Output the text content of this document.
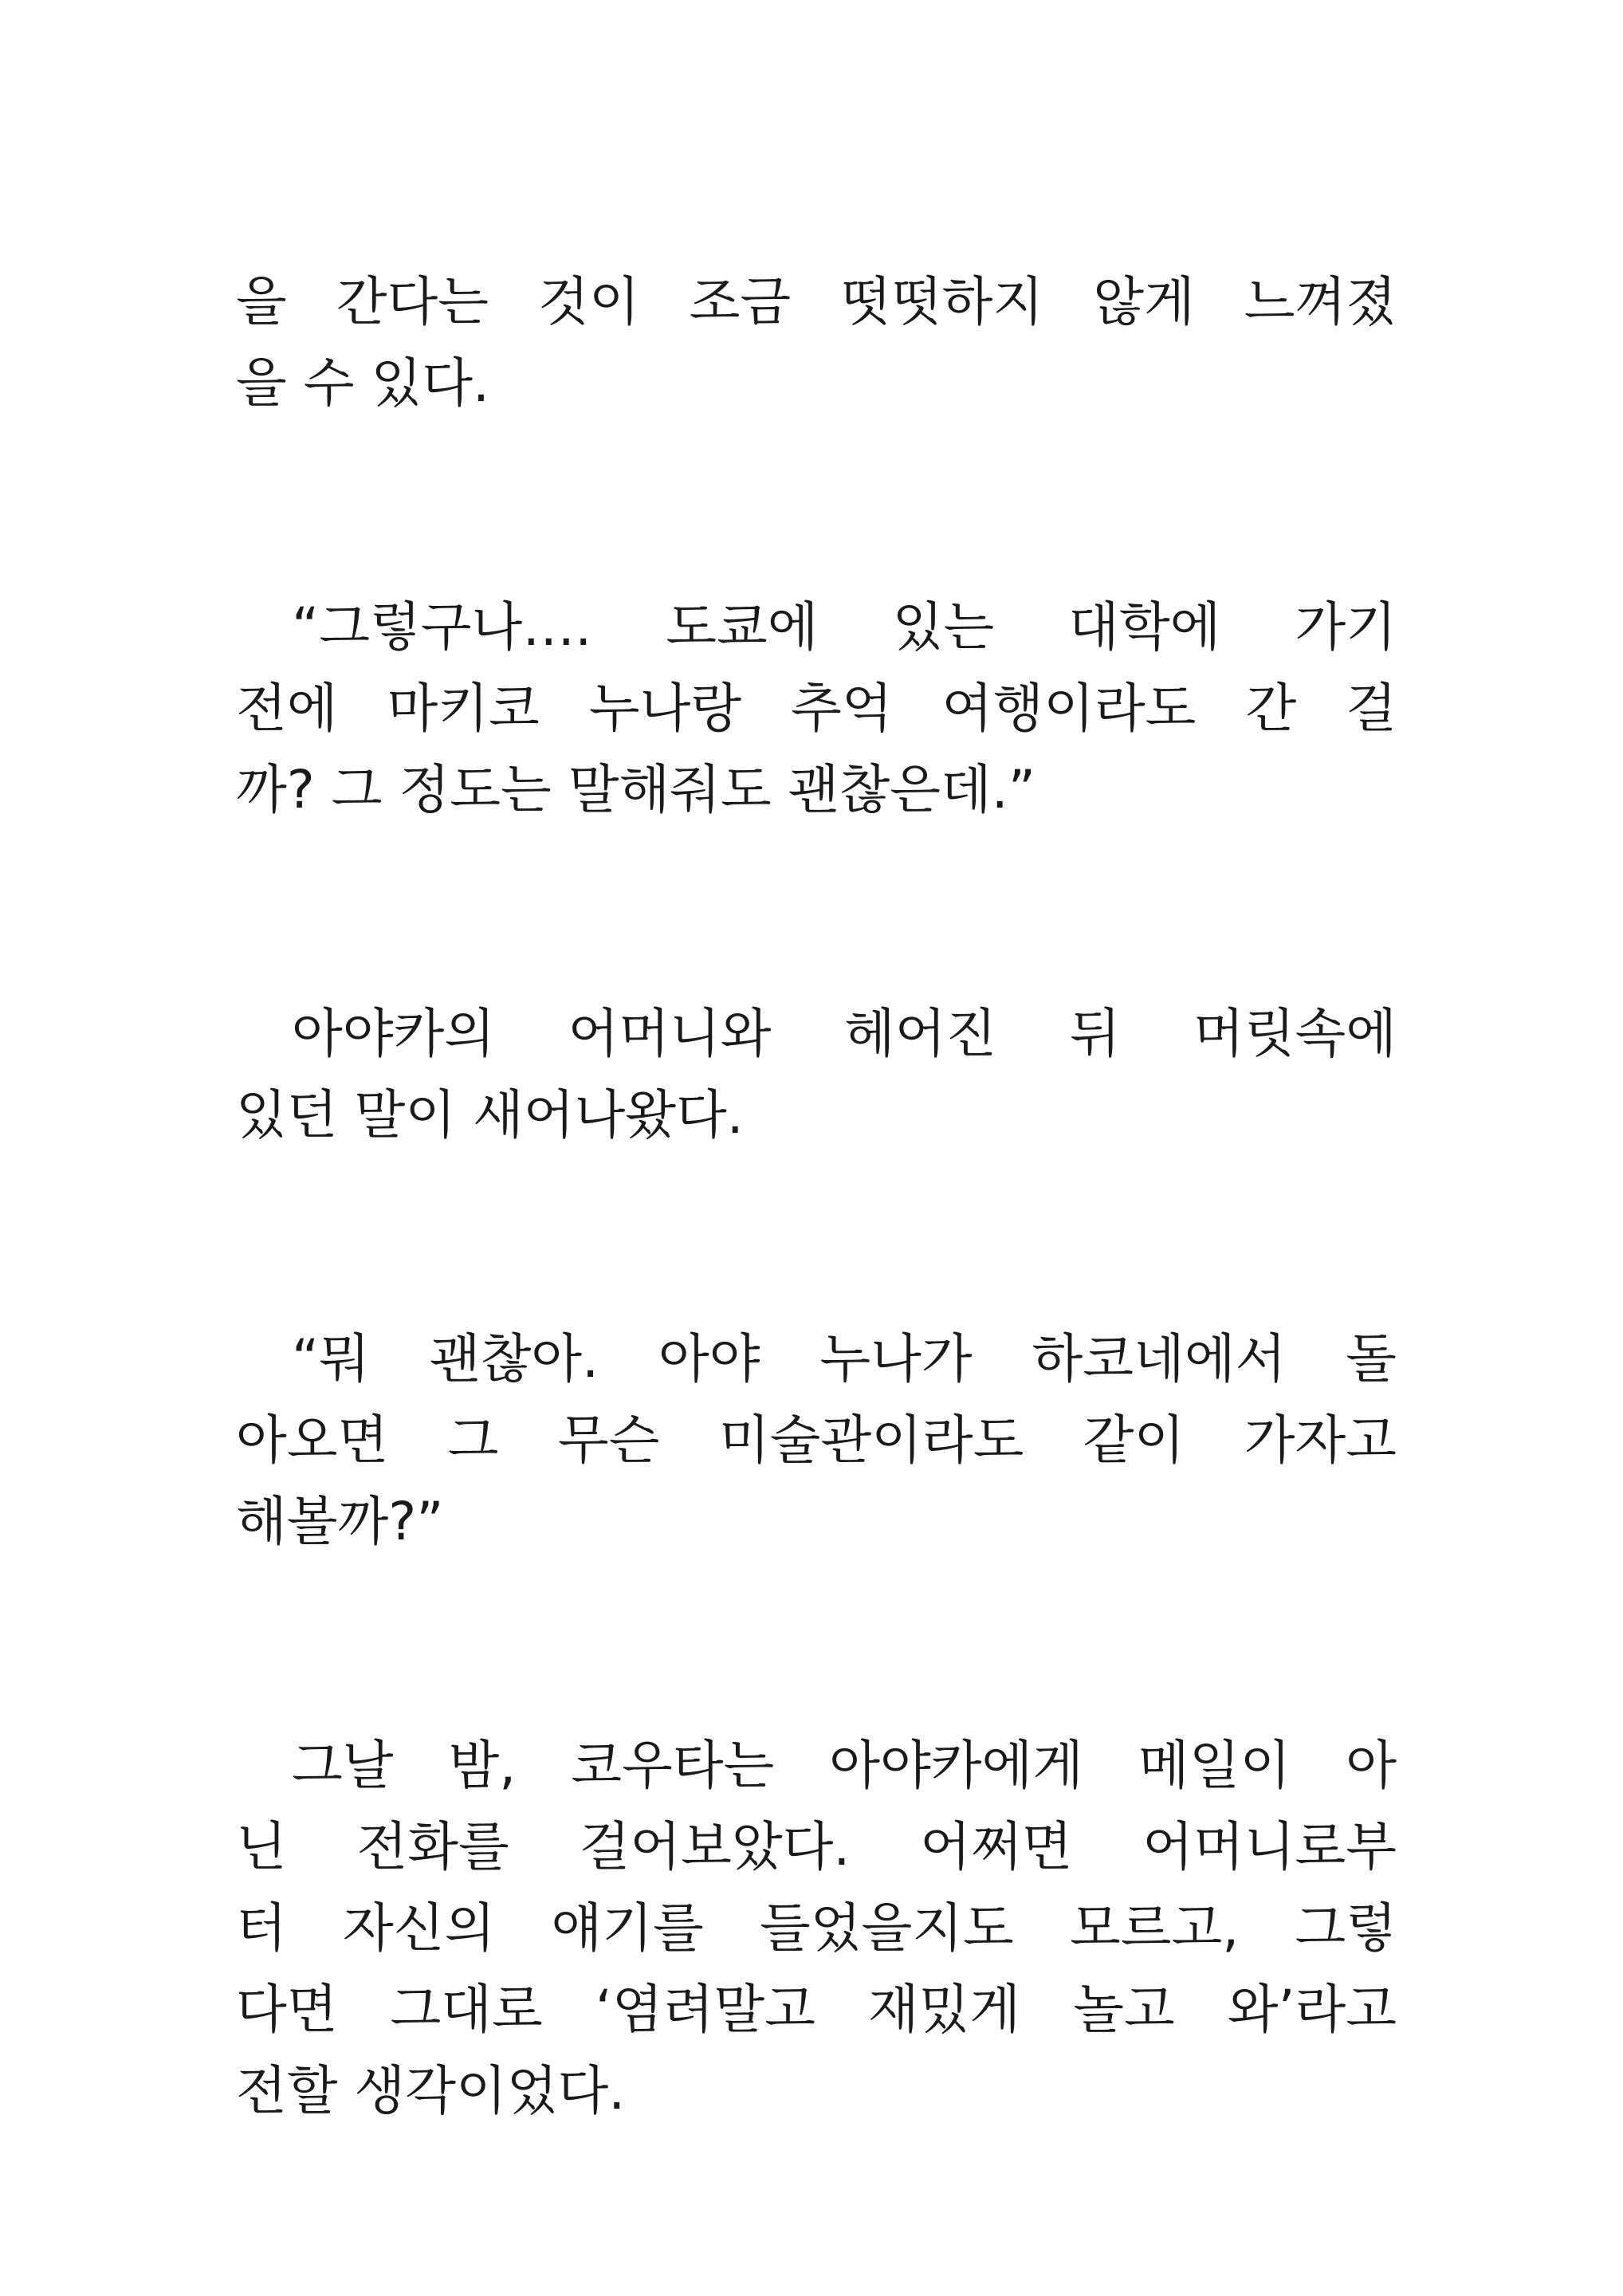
을 간다는 것이 조금 떳떳하지 않게 느껴졌
을 수 있다.
“그렇구나…. 도쿄에 있는 대학에 가기
전에 마키코 누나랑 추억 여행이라도 간 걸
까? 그 정도는 말해줘도 괜찮은데.”
아야카의 어머니와 헤어진 뒤 머릿속에
있던 말이 새어나왔다.
“뭐 괜찮아. 아야 누나가 하코네에서 돌
아오면 그 무슨 미술관이라도 같이 가자고
해볼까?”
그날 밤, 코우타는 아야카에게 메일이 아
닌 전화를 걸어보았다. 어쩌면 어머니로부
터 자신의 얘기를 들었을지도 모르고, 그렇
다면 그대로 ‘염려말고 재밌게 놀고 와’라고
전할 생각이었다.
